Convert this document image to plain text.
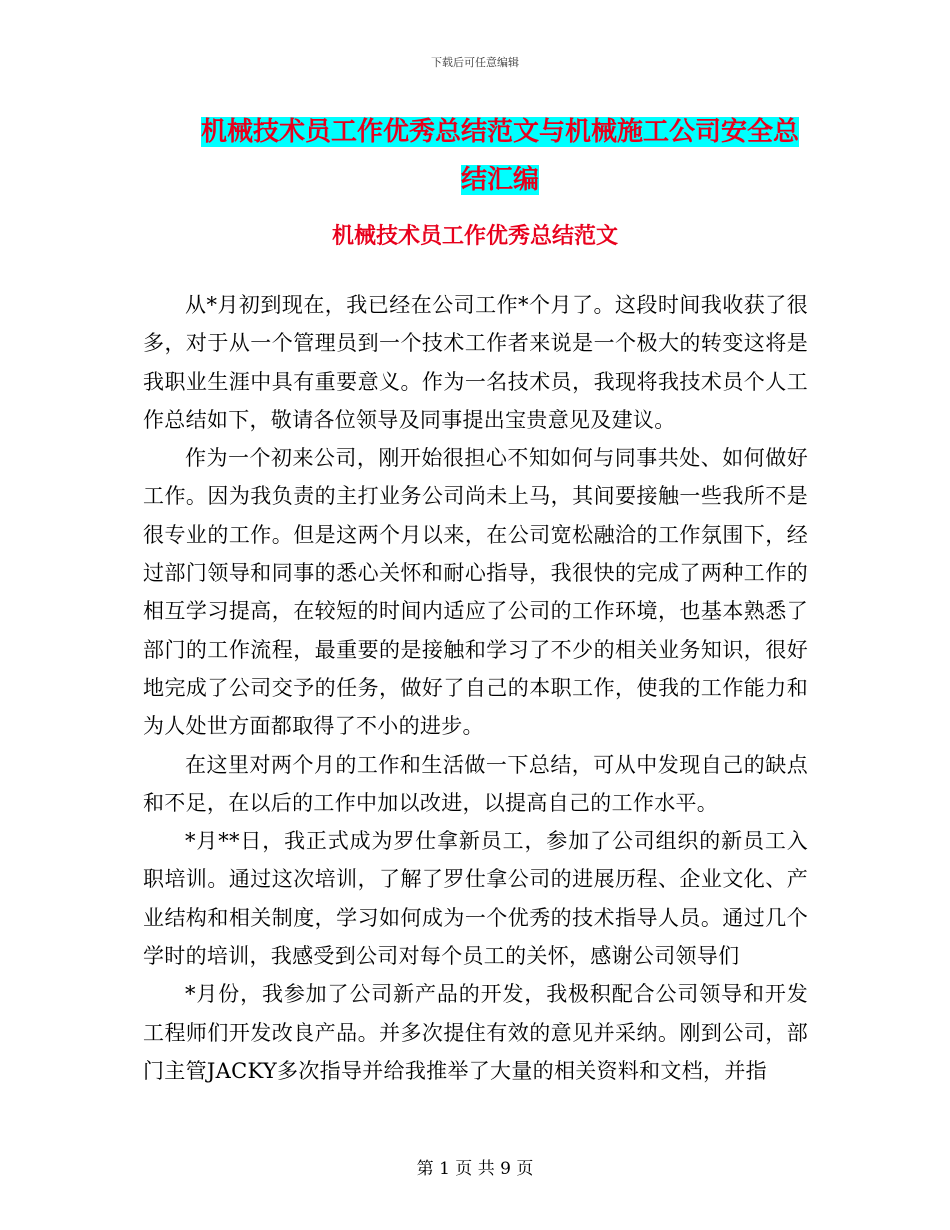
下载后可任意编辑
机械技术员工作优秀总结范文与机械施工公司安全总结汇编
机械技术员工作优秀总结范文

从*月初到现在，我已经在公司工作*个月了。这段时间我收获了很多，对于从一个管理员到一个技术工作者来说是一个极大的转变这将是我职业生涯中具有重要意义。作为一名技术员，我现将我技术员个人工作总结如下，敬请各位领导及同事提出宝贵意见及建议。

作为一个初来公司，刚开始很担心不知如何与同事共处、如何做好工作。因为我负责的主打业务公司尚未上马，其间要接触一些我所不是很专业的工作。但是这两个月以来，在公司宽松融洽的工作氛围下，经过部门领导和同事的悉心关怀和耐心指导，我很快的完成了两种工作的相互学习提高，在较短的时间内适应了公司的工作环境，也基本熟悉了部门的工作流程，最重要的是接触和学习了不少的相关业务知识，很好地完成了公司交予的任务，做好了自己的本职工作，使我的工作能力和为人处世方面都取得了不小的进步。

在这里对两个月的工作和生活做一下总结，可从中发现自己的缺点和不足，在以后的工作中加以改进，以提高自己的工作水平。

*月**日，我正式成为罗仕拿新员工，参加了公司组织的新员工入职培训。通过这次培训，了解了罗仕拿公司的进展历程、企业文化、产业结构和相关制度，学习如何成为一个优秀的技术指导人员。通过几个学时的培训，我感受到公司对每个员工的关怀，感谢公司领导们

*月份，我参加了公司新产品的开发，我极积配合公司领导和开发工程师们开发改良产品。并多次提住有效的意见并采纳。刚到公司，部门主管JACKY多次指导并给我推举了大量的相关资料和文档，并指

第 1 页 共 9 页
